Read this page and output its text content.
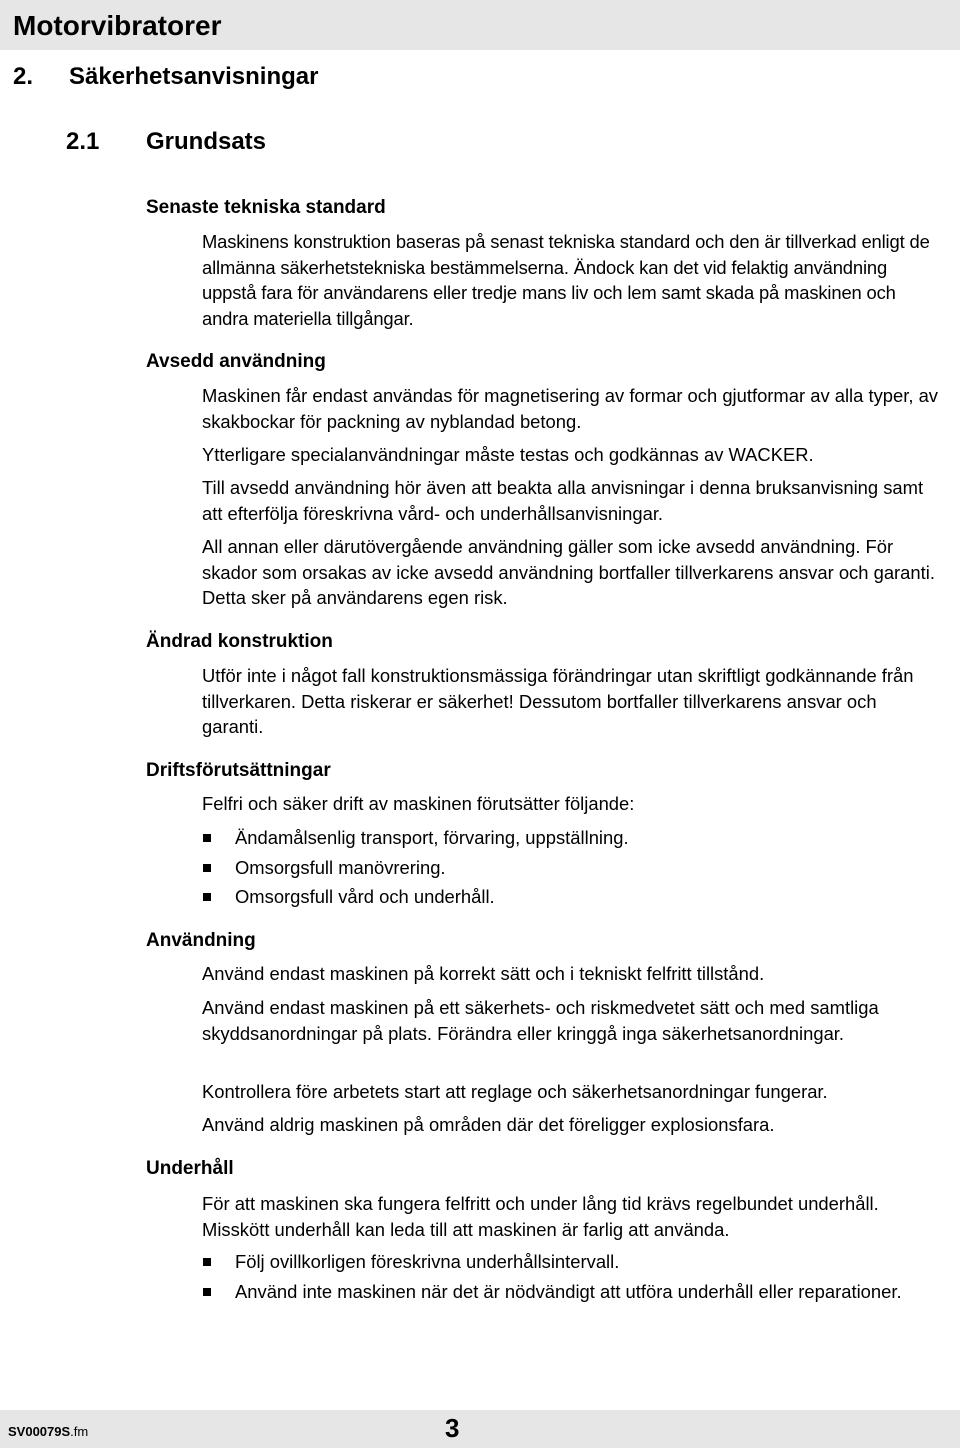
Motorvibratorer
2. Säkerhetsanvisningar
2.1 Grundsats
Senaste tekniska standard

Maskinens konstruktion baseras på senast tekniska standard och den är tillverkad enligt de allmänna säkerhetstekniska bestämmelserna. Ändock kan det vid felaktig användning uppstå fara för användarens eller tredje mans liv och lem samt skada på maskinen och andra materiella tillgångar.

Avsedd användning

Maskinen får endast användas för magnetisering av formar och gjutformar av alla typer, av skakbockar för packning av nyblandad betong.

Ytterligare specialanvändningar måste testas och godkännas av WACKER.

Till avsedd användning hör även att beakta alla anvisningar i denna bruksanvisning samt att efterfölja föreskrivna vård- och underhållsanvisningar.

All annan eller därutövergående användning gäller som icke avsedd användning. För skador som orsakas av icke avsedd användning bortfaller tillverkarens ansvar och garanti. Detta sker på användarens egen risk.

Ändrad konstruktion

Utför inte i något fall konstruktionsmässiga förändringar utan skriftligt godkännande från tillverkaren. Detta riskerar er säkerhet! Dessutom bortfaller tillverkarens ansvar och garanti.

Driftsförutsättningar

Felfri och säker drift av maskinen förutsätter följande:

Ändamålsenlig transport, förvaring, uppställning.
Omsorgsfull manövrering.
Omsorgsfull vård och underhåll.
Användning

Använd endast maskinen på korrekt sätt och i tekniskt felfritt tillstånd.

Använd endast maskinen på ett säkerhets- och riskmedvetet sätt och med samtliga skyddsanordningar på plats. Förändra eller kringgå inga säkerhetsanordningar.

Kontrollera före arbetets start att reglage och säkerhetsanordningar fungerar.

Använd aldrig maskinen på områden där det föreligger explosionsfara.

Underhåll

För att maskinen ska fungera felfritt och under lång tid krävs regelbundet underhåll. Misskött underhåll kan leda till att maskinen är farlig att använda.

Följ ovillkorligen föreskrivna underhållsintervall.
Använd inte maskinen när det är nödvändigt att utföra underhåll eller reparationer.
SV00079S.fm	3
